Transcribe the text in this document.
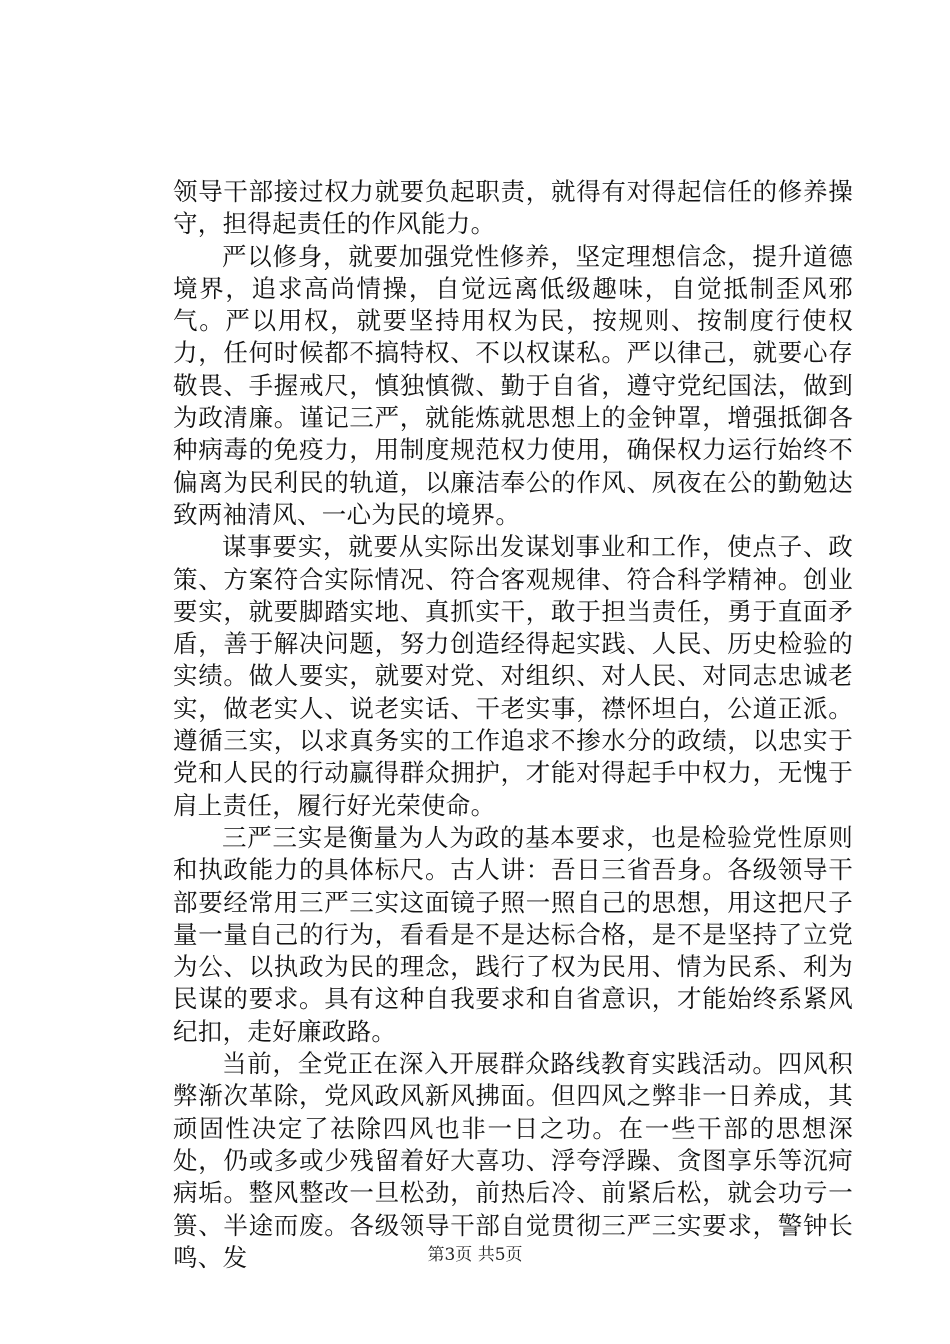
领导干部接过权力就要负起职责，就得有对得起信任的修养操守，担得起责任的作风能力。

严以修身，就要加强党性修养，坚定理想信念，提升道德境界，追求高尚情操，自觉远离低级趣味，自觉抵制歪风邪气。严以用权，就要坚持用权为民，按规则、按制度行使权力，任何时候都不搞特权、不以权谋私。严以律己，就要心存敬畏、手握戒尺，慎独慎微、勤于自省，遵守党纪国法，做到为政清廉。谨记三严，就能炼就思想上的金钟罩，增强抵御各种病毒的免疫力，用制度规范权力使用，确保权力运行始终不偏离为民利民的轨道，以廉洁奉公的作风、夙夜在公的勤勉达致两袖清风、一心为民的境界。

谋事要实，就要从实际出发谋划事业和工作，使点子、政策、方案符合实际情况、符合客观规律、符合科学精神。创业要实，就要脚踏实地、真抓实干，敢于担当责任，勇于直面矛盾，善于解决问题，努力创造经得起实践、人民、历史检验的实绩。做人要实，就要对党、对组织、对人民、对同志忠诚老实，做老实人、说老实话、干老实事，襟怀坦白，公道正派。遵循三实，以求真务实的工作追求不掺水分的政绩，以忠实于党和人民的行动赢得群众拥护，才能对得起手中权力，无愧于肩上责任，履行好光荣使命。

三严三实是衡量为人为政的基本要求，也是检验党性原则和执政能力的具体标尺。古人讲：吾日三省吾身。各级领导干部要经常用三严三实这面镜子照一照自己的思想，用这把尺子量一量自己的行为，看看是不是达标合格，是不是坚持了立党为公、以执政为民的理念，践行了权为民用、情为民系、利为民谋的要求。具有这种自我要求和自省意识，才能始终系紧风纪扣，走好廉政路。

当前，全党正在深入开展群众路线教育实践活动。四风积弊渐次革除，党风政风新风拂面。但四风之弊非一日养成，其顽固性决定了祛除四风也非一日之功。在一些干部的思想深处，仍或多或少残留着好大喜功、浮夸浮躁、贪图享乐等沉疴病垢。整风整改一旦松劲，前热后冷、前紧后松，就会功亏一篑、半途而废。各级领导干部自觉贯彻三严三实要求，警钟长鸣、发	第3页 共5页
